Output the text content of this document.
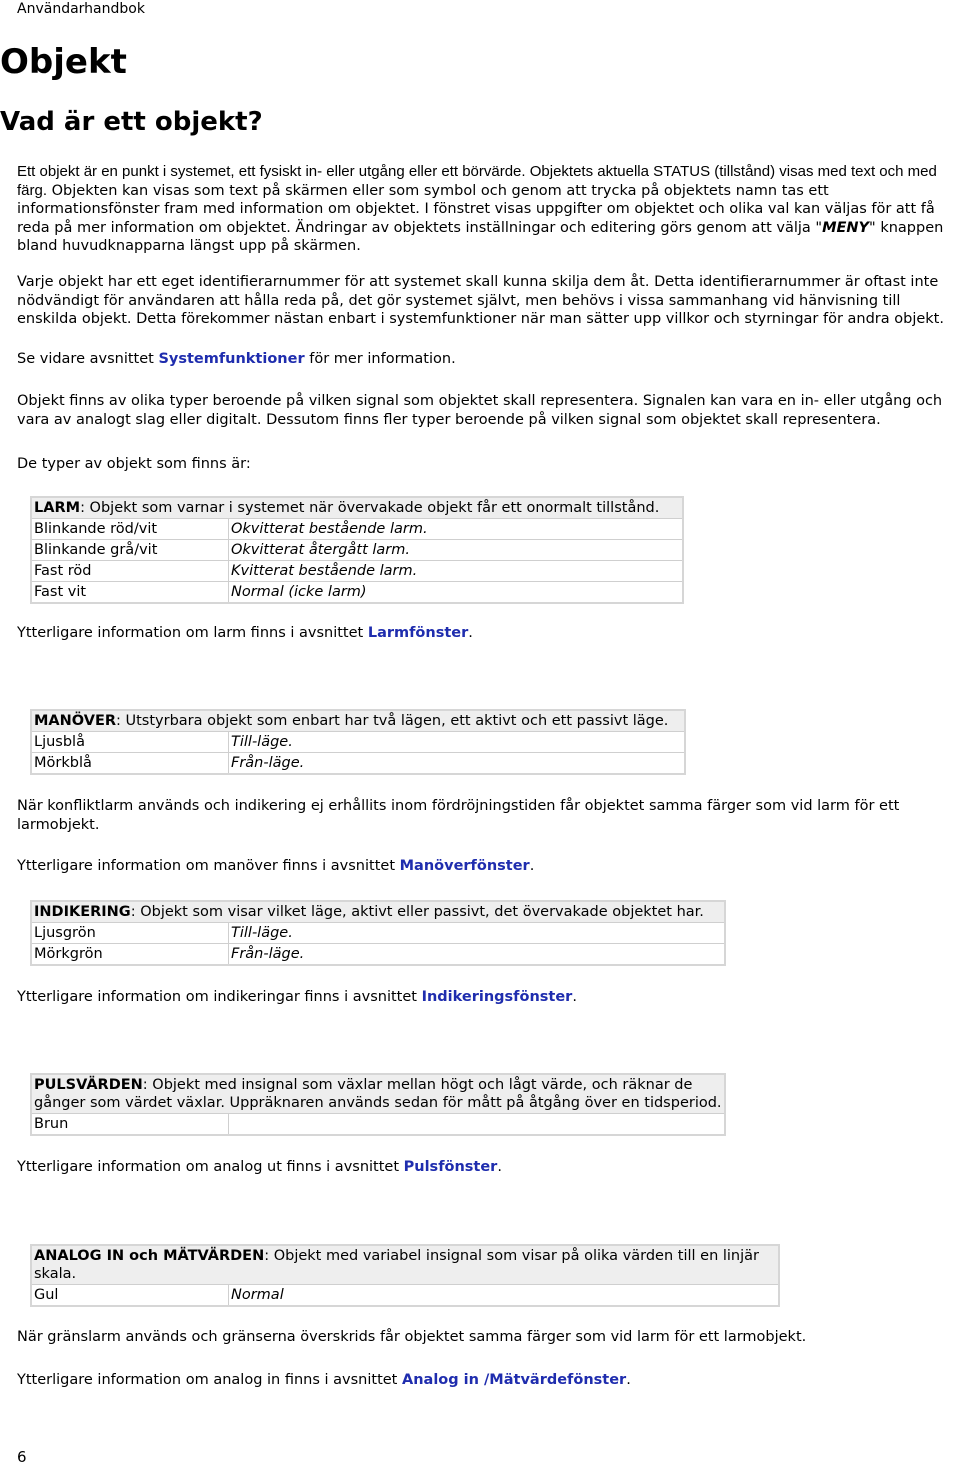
Användarhandbok
Objekt
Vad är ett objekt?

Ett objekt är en punkt i systemet, ett fysiskt in- eller utgång eller ett börvärde. Objektets aktuella STATUS (tillstånd) visas med text och med färg. Objekten kan visas som text på skärmen eller som symbol och genom att trycka på objektets namn tas ett informationsfönster fram med information om objektet. I fönstret visas uppgifter om objektet och olika val kan väljas för att få reda på mer information om objektet. Ändringar av objektets inställningar och editering görs genom att välja "MENY" knappen bland huvudknapparna längst upp på skärmen.

Varje objekt har ett eget identifierarnummer för att systemet skall kunna skilja dem åt. Detta identifierarnummer är oftast inte nödvändigt för användaren att hålla reda på, det gör systemet självt, men behövs i vissa sammanhang vid hänvisning till enskilda objekt. Detta förekommer nästan enbart i systemfunktioner när man sätter upp villkor och styrningar för andra objekt.

Se vidare avsnittet Systemfunktioner för mer information.

Objekt finns av olika typer beroende på vilken signal som objektet skall representera. Signalen kan vara en in- eller utgång och vara av analogt slag eller digitalt. Dessutom finns fler typer beroende på vilken signal som objektet skall representera.

De typer av objekt som finns är:

LARM: Objekt som varnar i systemet när övervakade objekt får ett onormalt tillstånd.	
Blinkande röd/vit	Okvitterat bestående larm.
Blinkande grå/vit	Okvitterat återgått larm.
Fast röd	Kvitterat bestående larm.
Fast vit	Normal (icke larm)

Ytterligare information om larm finns i avsnittet Larmfönster.

MANÖVER: Utstyrbara objekt som enbart har två lägen, ett aktivt och ett passivt läge.	
Ljusblå	Till-läge.
Mörkblå	Från-läge.

När konfliktlarm används och indikering ej erhållits inom fördröjningstiden får objektet samma färger som vid larm för ett larmobjekt.

Ytterligare information om manöver finns i avsnittet Manöverfönster.

INDIKERING: Objekt som visar vilket läge, aktivt eller passivt, det övervakade objektet har.	
Ljusgrön	Till-läge.
Mörkgrön	Från-läge.

Ytterligare information om indikeringar finns i avsnittet Indikeringsfönster.

PULSVÄRDEN: Objekt med insignal som växlar mellan högt och lågt värde, och räknar de gånger som värdet växlar. Uppräknaren används sedan för mått på åtgång över en tidsperiod.
Brun	

Ytterligare information om analog ut finns i avsnittet Pulsfönster.

ANALOG IN och MÄTVÄRDEN: Objekt med variabel insignal som visar på olika värden till en linjär skala.
Gul	Normal

När gränslarm används och gränserna överskrids får objektet samma färger som vid larm för ett larmobjekt.

Ytterligare information om analog in finns i avsnittet Analog in /Mätvärdefönster.

6
